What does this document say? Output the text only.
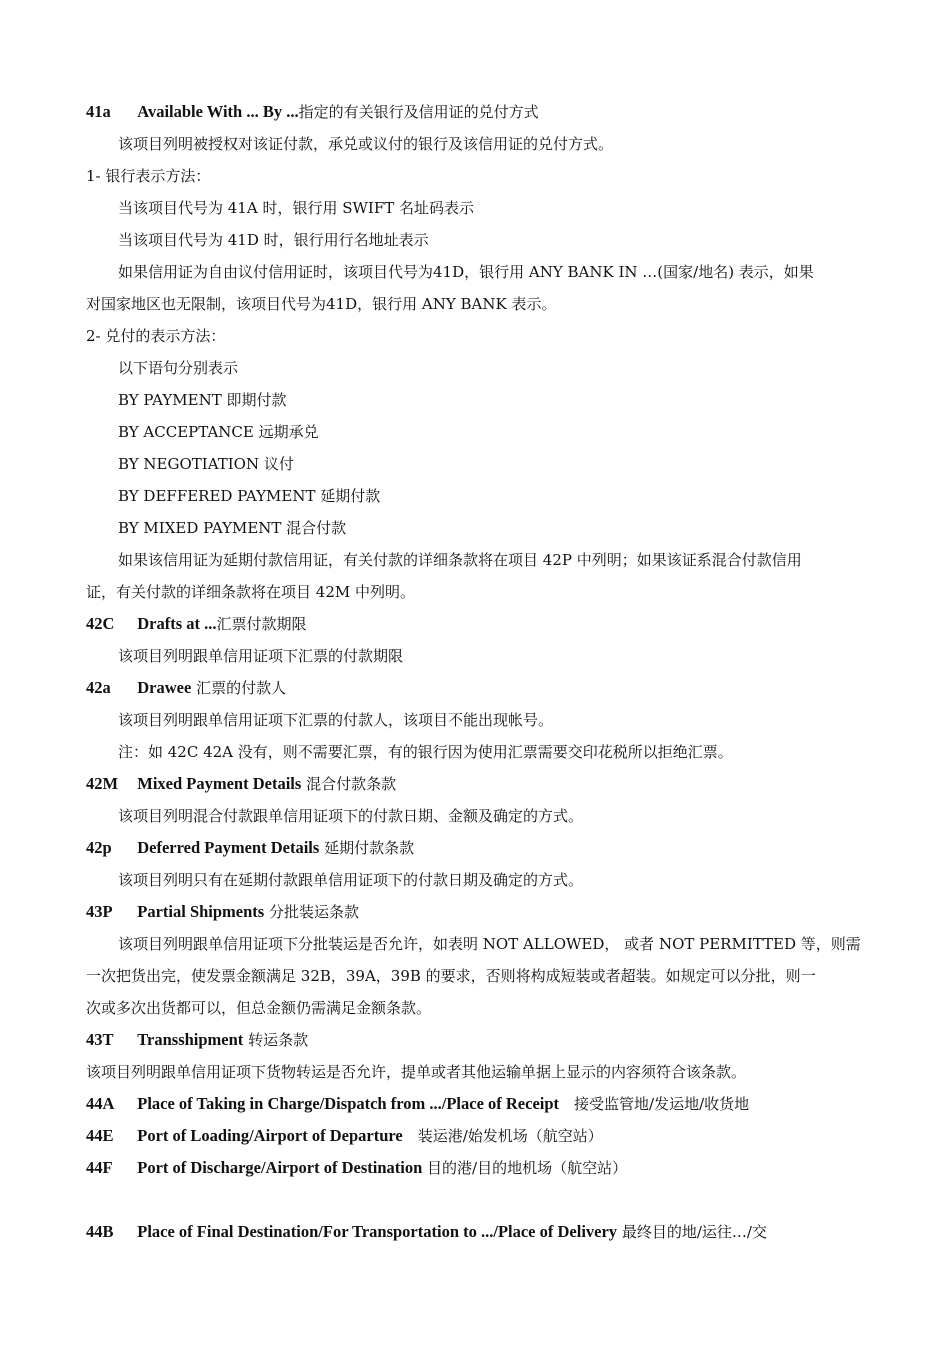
41a Available With ... By ...指定的有关银行及信用证的兑付方式
该项目列明被授权对该证付款，承兑或议付的银行及该信用证的兑付方式。
1- 银行表示方法：
当该项目代号为 41A 时，银行用 SWIFT 名址码表示
当该项目代号为 41D 时，银行用行名地址表示
如果信用证为自由议付信用证时，该项目代号为41D，银行用 ANY BANK IN …(国家/地名) 表示，如果
对国家地区也无限制，该项目代号为41D，银行用 ANY BANK 表示。
2- 兑付的表示方法：
以下语句分别表示
BY PAYMENT 即期付款
BY ACCEPTANCE 远期承兑
BY NEGOTIATION 议付
BY DEFFERED PAYMENT 延期付款
BY MIXED PAYMENT 混合付款
如果该信用证为延期付款信用证，有关付款的详细条款将在项目 42P 中列明；如果该证系混合付款信用
证，有关付款的详细条款将在项目 42M 中列明。
42C Drafts at ...汇票付款期限
该项目列明跟单信用证项下汇票的付款期限
42a Drawee 汇票的付款人
该项目列明跟单信用证项下汇票的付款人，该项目不能出现帐号。
注：如 42C 42A 没有，则不需要汇票，有的银行因为使用汇票需要交印花税所以拒绝汇票。
42M Mixed Payment Details 混合付款条款
该项目列明混合付款跟单信用证项下的付款日期、金额及确定的方式。
42p Deferred Payment Details 延期付款条款
该项目列明只有在延期付款跟单信用证项下的付款日期及确定的方式。
43P Partial Shipments 分批装运条款
该项目列明跟单信用证项下分批装运是否允许，如表明 NOT ALLOWED， 或者 NOT PERMITTED 等，则需
一次把货出完，使发票金额满足 32B，39A，39B 的要求，否则将构成短装或者超装。如规定可以分批，则一
次或多次出货都可以，但总金额仍需满足金额条款。
43T Transshipment 转运条款
该项目列明跟单信用证项下货物转运是否允许，提单或者其他运输单据上显示的内容须符合该条款。
44A Place of Taking in Charge/Dispatch from .../Place of Receipt　接受监管地/发运地/收货地
44E Port of Loading/Airport of Departure　装运港/始发机场（航空站）
44F Port of Discharge/Airport of Destination 目的港/目的地机场（航空站）
44B Place of Final Destination/For Transportation to .../Place of Delivery 最终目的地/运往…/交
